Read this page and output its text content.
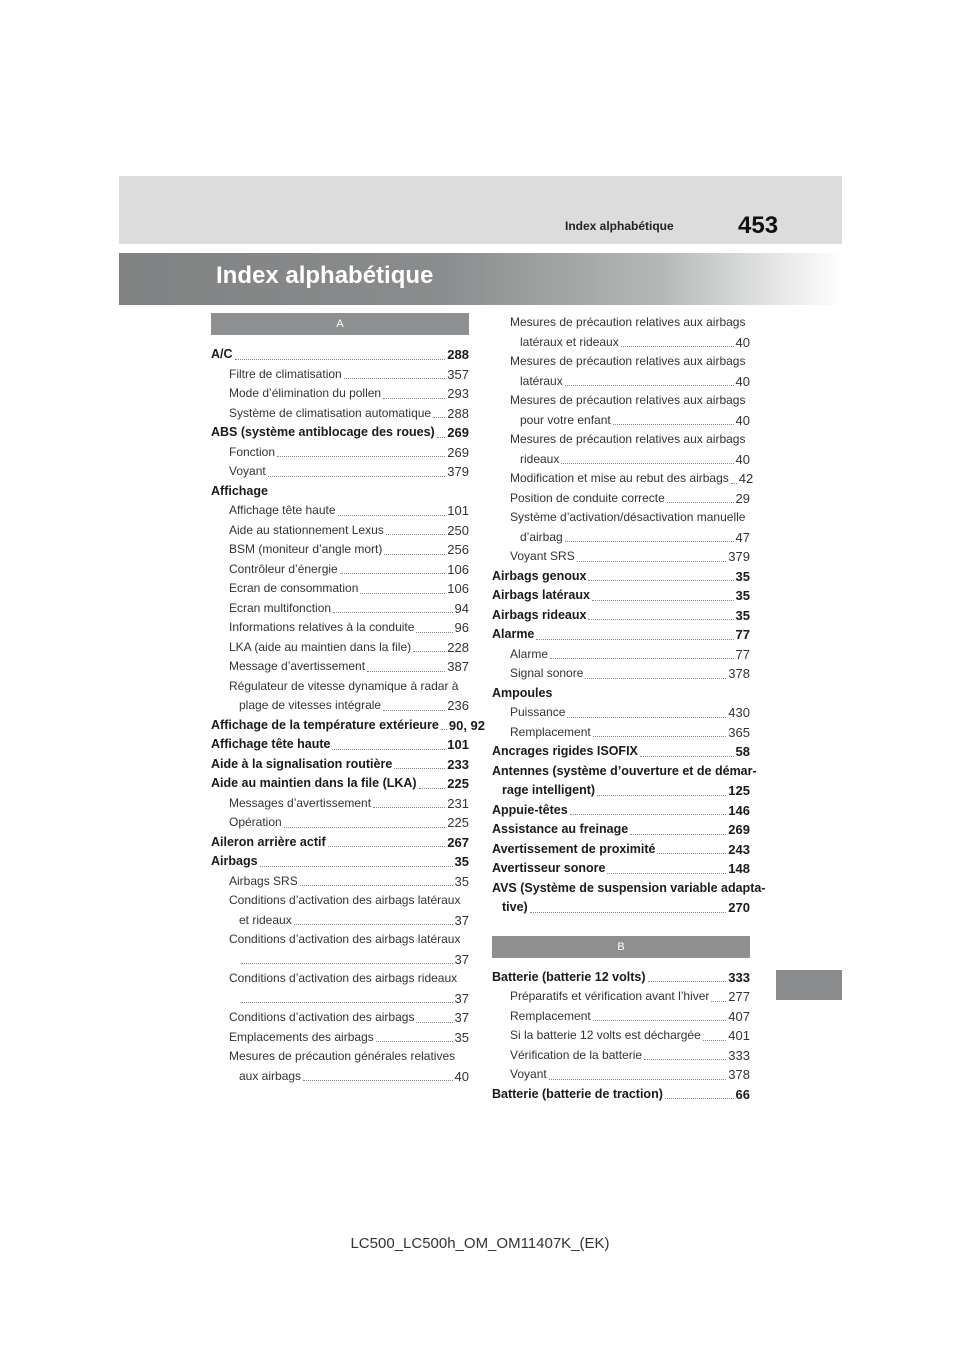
Index alphabétique	453
Index alphabétique
A
A/C	288
Filtre de climatisation	357
Mode d’élimination du pollen	293
Système de climatisation automatique 288
ABS (système antiblocage des roues) 269
Fonction	269
Voyant	379
Affichage
Affichage tête haute	101
Aide au stationnement Lexus	250
BSM (moniteur d’angle mort)	256
Contrôleur d’énergie	106
Ecran de consommation	106
Ecran multifonction	94
Informations relatives à la conduite	96
LKA (aide au maintien dans la file)	228
Message d’avertissement	387
Régulateur de vitesse dynamique à radar à
plage de vitesses intégrale	236
Affichage de la température extérieure 90, 92
Affichage tête haute	101
Aide à la signalisation routière	233
Aide au maintien dans la file (LKA) 225
Messages d’avertissement	231
Opération	225
Aileron arrière actif	267
Airbags	35
Airbags SRS	35
Conditions d’activation des airbags latéraux
et rideaux	37
Conditions d’activation des airbags latéraux
37
Conditions d’activation des airbags rideaux
37
Conditions d’activation des airbags	37
Emplacements des airbags	35
Mesures de précaution générales relatives
aux airbags	40
Mesures de précaution relatives aux airbags
latéraux et rideaux	40
Mesures de précaution relatives aux airbags
latéraux	40
Mesures de précaution relatives aux airbags
pour votre enfant	40
Mesures de précaution relatives aux airbags
rideaux	40
Modification et mise au rebut des airbags 42
Position de conduite correcte	29
Système d’activation/désactivation manuelle
d’airbag	47
Voyant SRS	379
Airbags genoux	35
Airbags latéraux	35
Airbags rideaux	35
Alarme	77
Alarme	77
Signal sonore	378
Ampoules
Puissance	430
Remplacement	365
Ancrages rigides ISOFIX	58
Antennes (système d’ouverture et de démar-
rage intelligent)	125
Appuie-têtes	146
Assistance au freinage	269
Avertissement de proximité	243
Avertisseur sonore	148
AVS (Système de suspension variable adapta-
tive)	270
B
Batterie (batterie 12 volts)	333
Préparatifs et vérification avant l’hiver 277
Remplacement	407
Si la batterie 12 volts est déchargée 401
Vérification de la batterie	333
Voyant	378
Batterie (batterie de traction)	66
LC500_LC500h_OM_OM11407K_(EK)
